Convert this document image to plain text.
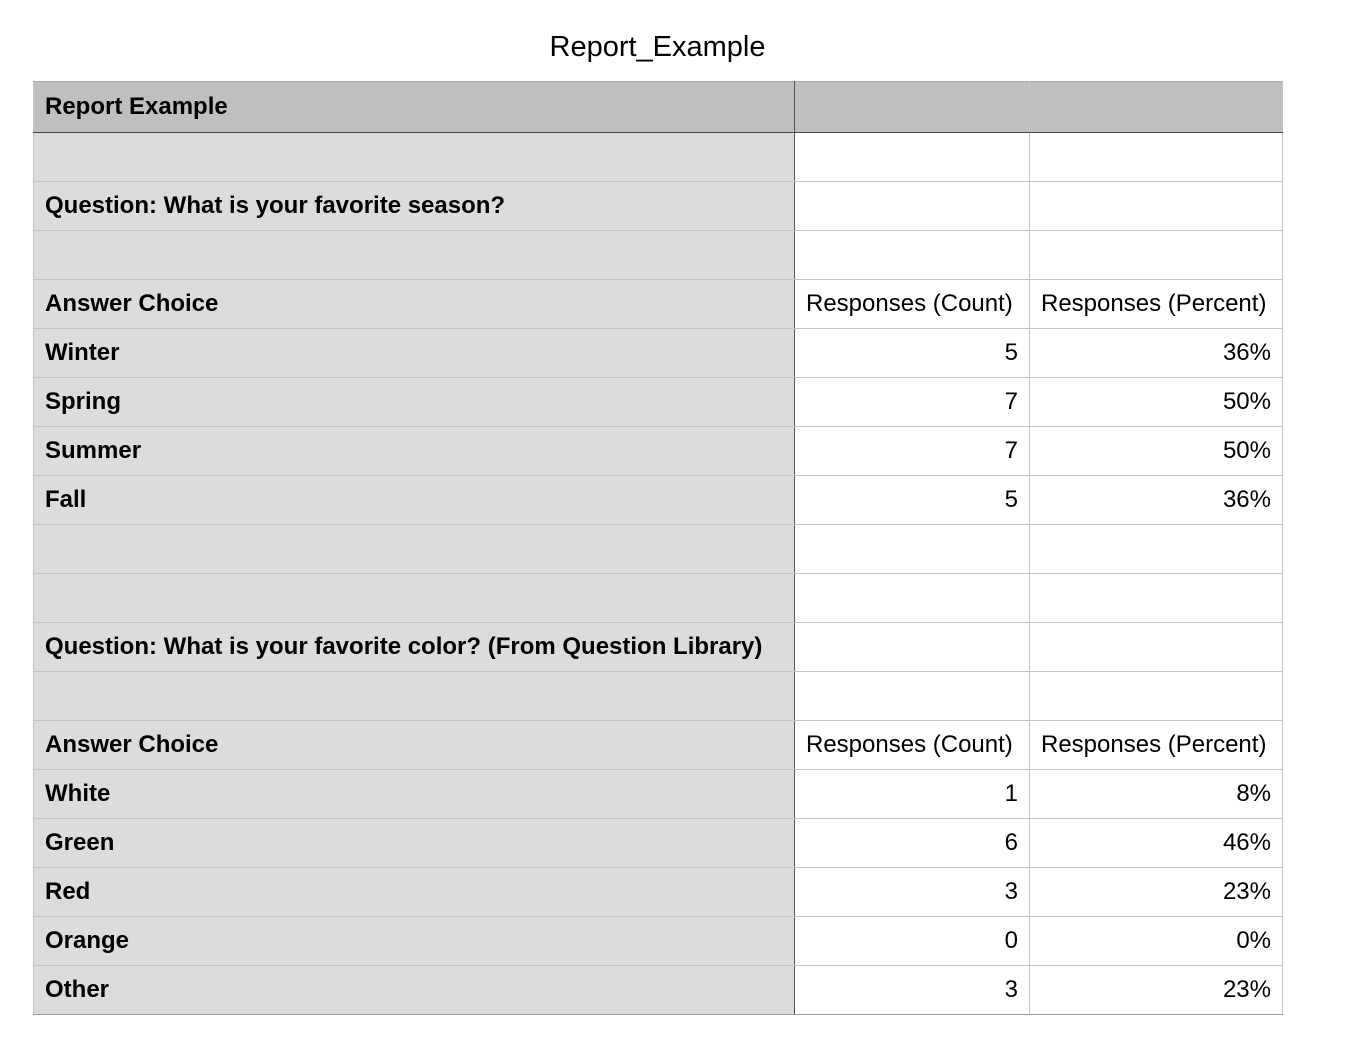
Report_Example
Report Example		

Question: What is your favorite season?		

Answer Choice	Responses (Count)	Responses (Percent)
Winter	5	36%
Spring	7	50%
Summer	7	50%
Fall	5	36%

Question: What is your favorite color? (From Question Library)		

Answer Choice	Responses (Count)	Responses (Percent)
White	1	8%
Green	6	46%
Red	3	23%
Orange	0	0%
Other	3	23%
